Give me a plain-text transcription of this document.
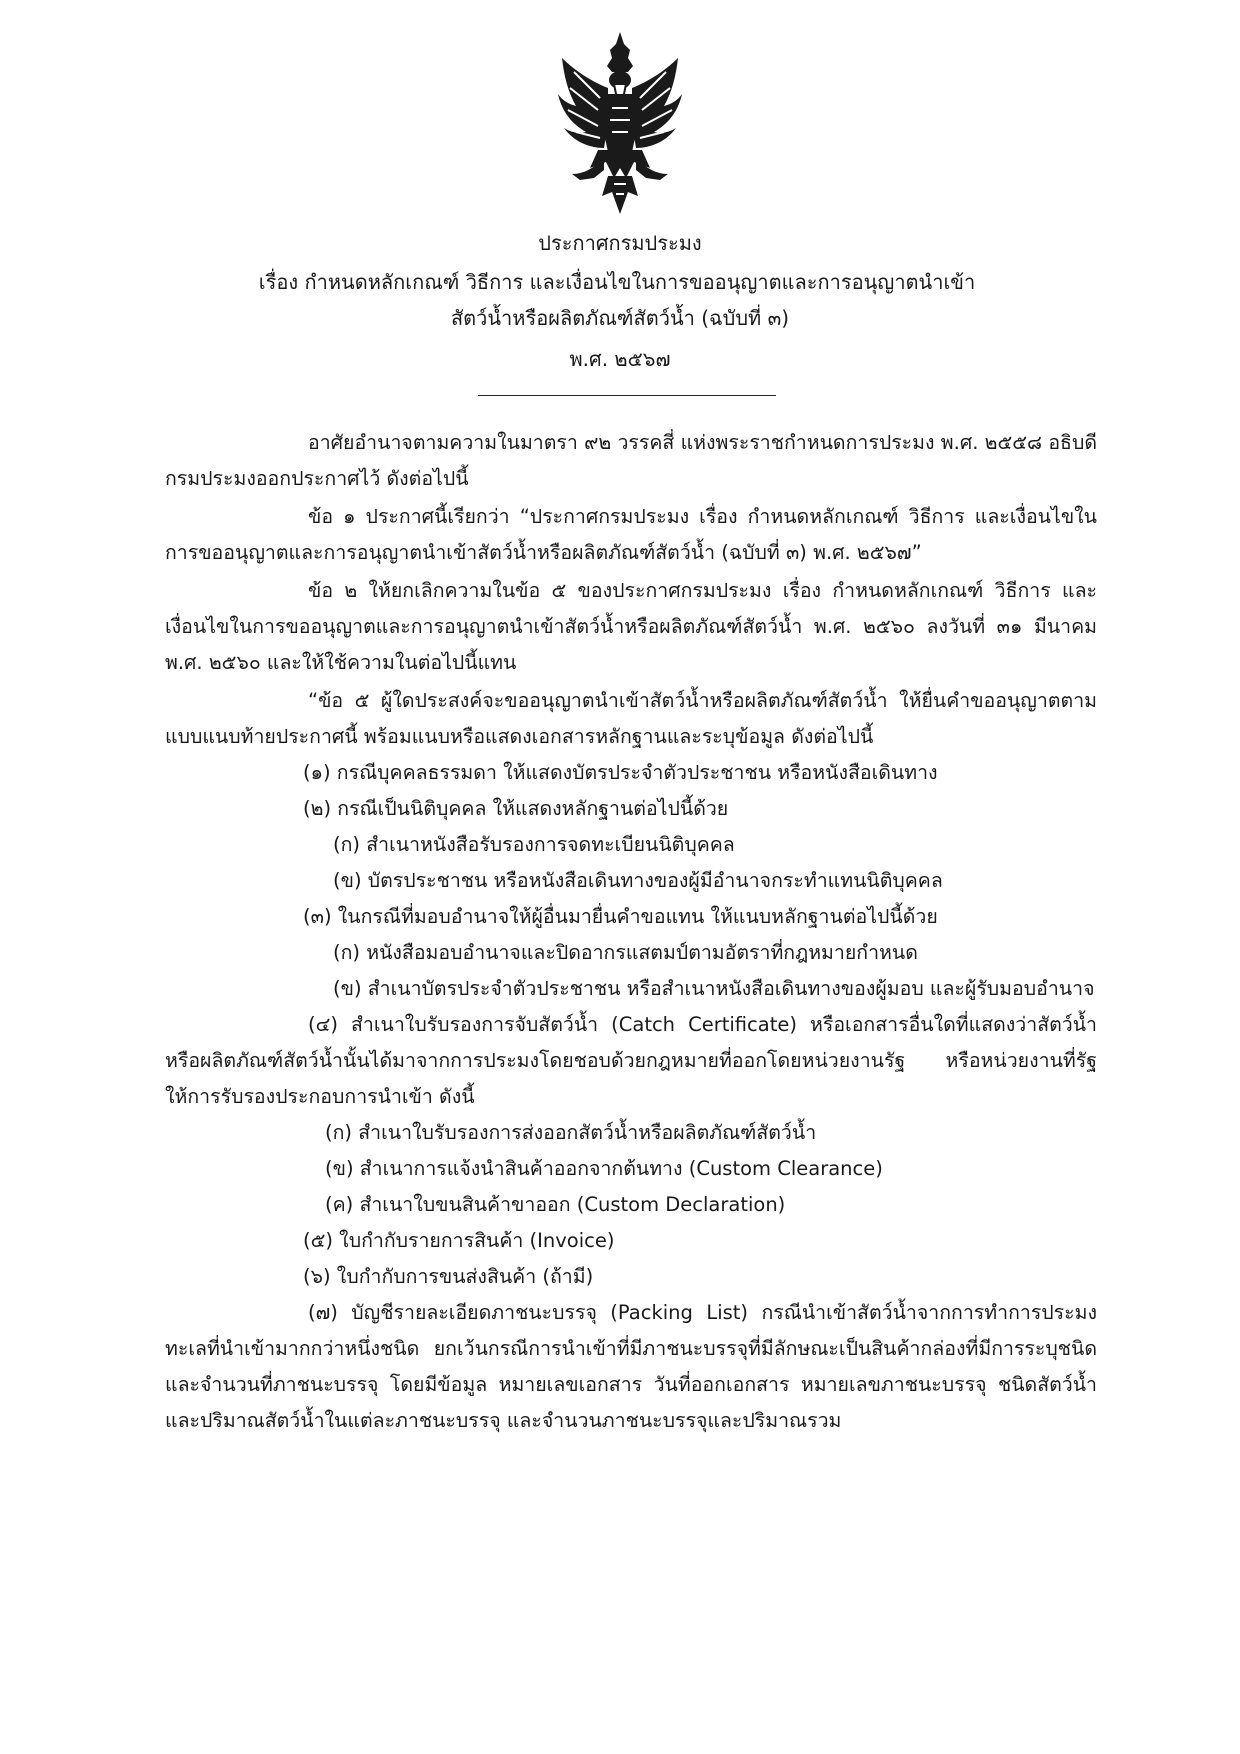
ประกาศกรมประมง
เรื่อง กำหนดหลักเกณฑ์ วิธีการ และเงื่อนไขในการขออนุญาตและการอนุญาตนำเข้า
สัตว์น้ำหรือผลิตภัณฑ์สัตว์น้ำ (ฉบับที่ ๓)
พ.ศ. ๒๕๖๗

อาศัยอำนาจตามความในมาตรา ๙๒ วรรคสี่ แห่งพระราชกำหนดการประมง พ.ศ. ๒๕๕๘ อธิบดีกรมประมงออกประกาศไว้ ดังต่อไปนี้

ข้อ ๑ ประกาศนี้เรียกว่า “ประกาศกรมประมง เรื่อง กำหนดหลักเกณฑ์ วิธีการ และเงื่อนไขในการขออนุญาตและการอนุญาตนำเข้าสัตว์น้ำหรือผลิตภัณฑ์สัตว์น้ำ (ฉบับที่ ๓) พ.ศ. ๒๕๖๗”

ข้อ ๒ ให้ยกเลิกความในข้อ ๕ ของประกาศกรมประมง เรื่อง กำหนดหลักเกณฑ์ วิธีการ และเงื่อนไขในการขออนุญาตและการอนุญาตนำเข้าสัตว์น้ำหรือผลิตภัณฑ์สัตว์น้ำ พ.ศ. ๒๕๖๐ ลงวันที่ ๓๑ มีนาคม พ.ศ. ๒๕๖๐ และให้ใช้ความในต่อไปนี้แทน

“ข้อ ๕ ผู้ใดประสงค์จะขออนุญาตนำเข้าสัตว์น้ำหรือผลิตภัณฑ์สัตว์น้ำ ให้ยื่นคำขออนุญาตตามแบบแนบท้ายประกาศนี้ พร้อมแนบหรือแสดงเอกสารหลักฐานและระบุข้อมูล ดังต่อไปนี้

(๑) กรณีบุคคลธรรมดา ให้แสดงบัตรประจำตัวประชาชน หรือหนังสือเดินทาง

(๒) กรณีเป็นนิติบุคคล ให้แสดงหลักฐานต่อไปนี้ด้วย

(ก) สำเนาหนังสือรับรองการจดทะเบียนนิติบุคคล

(ข) บัตรประชาชน หรือหนังสือเดินทางของผู้มีอำนาจกระทำแทนนิติบุคคล

(๓) ในกรณีที่มอบอำนาจให้ผู้อื่นมายื่นคำขอแทน ให้แนบหลักฐานต่อไปนี้ด้วย

(ก) หนังสือมอบอำนาจและปิดอากรแสตมป์ตามอัตราที่กฎหมายกำหนด

(ข) สำเนาบัตรประจำตัวประชาชน หรือสำเนาหนังสือเดินทางของผู้มอบ และผู้รับมอบอำนาจ

(๔) สำเนาใบรับรองการจับสัตว์น้ำ (Catch Certificate) หรือเอกสารอื่นใดที่แสดงว่าสัตว์น้ำหรือผลิตภัณฑ์สัตว์น้ำนั้นได้มาจากการประมงโดยชอบด้วยกฎหมายที่ออกโดยหน่วยงานรัฐ หรือหน่วยงานที่รัฐให้การรับรองประกอบการนำเข้า ดังนี้

(ก) สำเนาใบรับรองการส่งออกสัตว์น้ำหรือผลิตภัณฑ์สัตว์น้ำ

(ข) สำเนาการแจ้งนำสินค้าออกจากต้นทาง (Custom Clearance)

(ค) สำเนาใบขนสินค้าขาออก (Custom Declaration)

(๕) ใบกำกับรายการสินค้า (Invoice)

(๖) ใบกำกับการขนส่งสินค้า (ถ้ามี)

(๗) บัญชีรายละเอียดภาชนะบรรจุ (Packing List) กรณีนำเข้าสัตว์น้ำจากการทำการประมงทะเลที่นำเข้ามากกว่าหนึ่งชนิด ยกเว้นกรณีการนำเข้าที่มีภาชนะบรรจุที่มีลักษณะเป็นสินค้ากล่องที่มีการระบุชนิดและจำนวนที่ภาชนะบรรจุ โดยมีข้อมูล หมายเลขเอกสาร วันที่ออกเอกสาร หมายเลขภาชนะบรรจุ ชนิดสัตว์น้ำและปริมาณสัตว์น้ำในแต่ละภาชนะบรรจุ และจำนวนภาชนะบรรจุและปริมาณรวม
